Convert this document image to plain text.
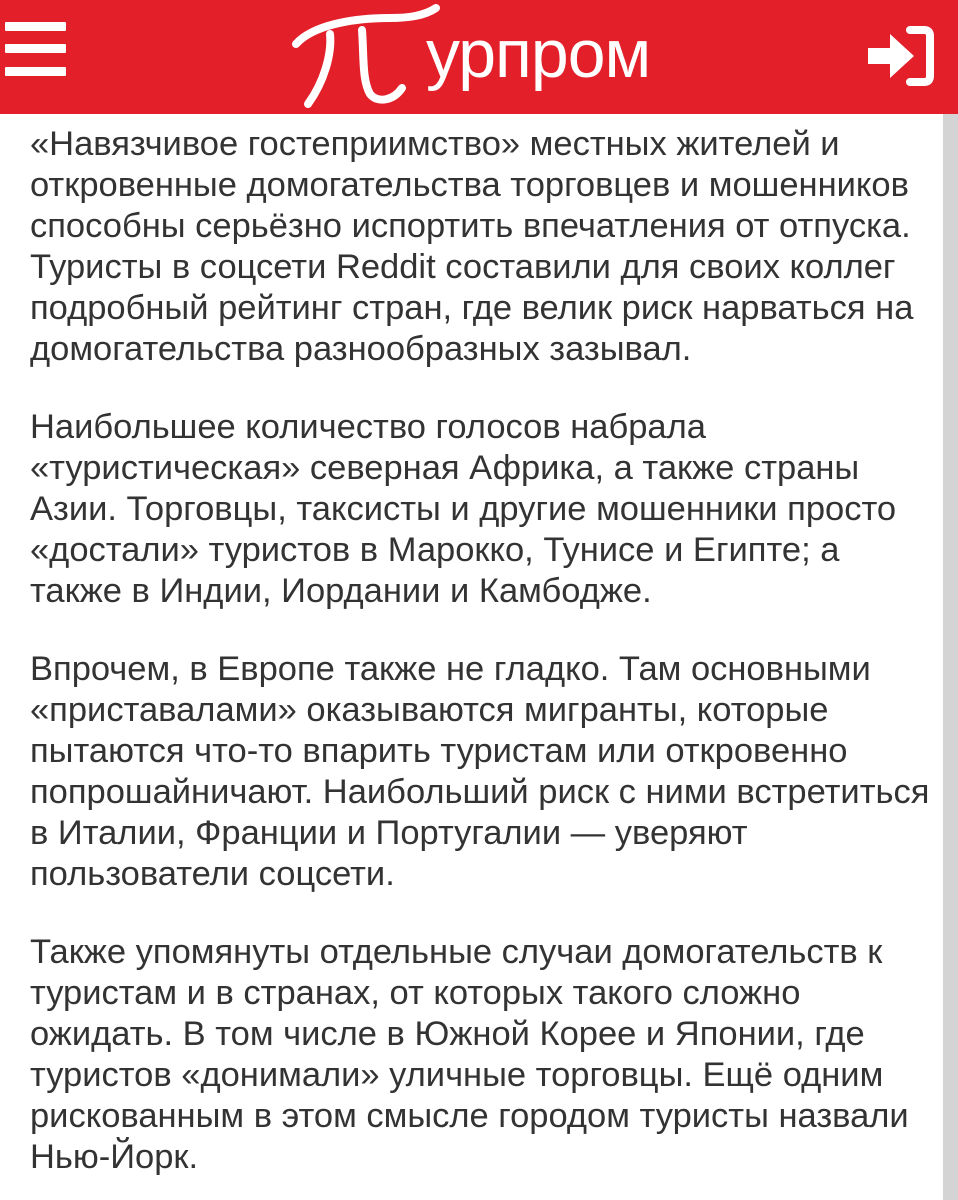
урпром

«Навязчивое гостеприимство» местных жителей и откровенные домогательства торговцев и мошенников способны серьёзно испортить впечатления от отпуска. Туристы в соцсети Reddit составили для своих коллег подробный рейтинг стран, где велик риск нарваться на домогательства разнообразных зазывал.

Наибольшее количество голосов набрала «туристическая» северная Африка, а также страны Азии. Торговцы, таксисты и другие мошенники просто «достали» туристов в Марокко, Тунисе и Египте; а также в Индии, Иордании и Камбодже.

Впрочем, в Европе также не гладко. Там основными «приставалами» оказываются мигранты, которые пытаются что-то впарить туристам или откровенно попрошайничают. Наибольший риск с ними встретиться в Италии, Франции и Португалии — уверяют пользователи соцсети.

Также упомянуты отдельные случаи домогательств к туристам и в странах, от которых такого сложно ожидать. В том числе в Южной Корее и Японии, где туристов «донимали» уличные торговцы. Ещё одним рискованным в этом смысле городом туристы назвали Нью-Йорк.
